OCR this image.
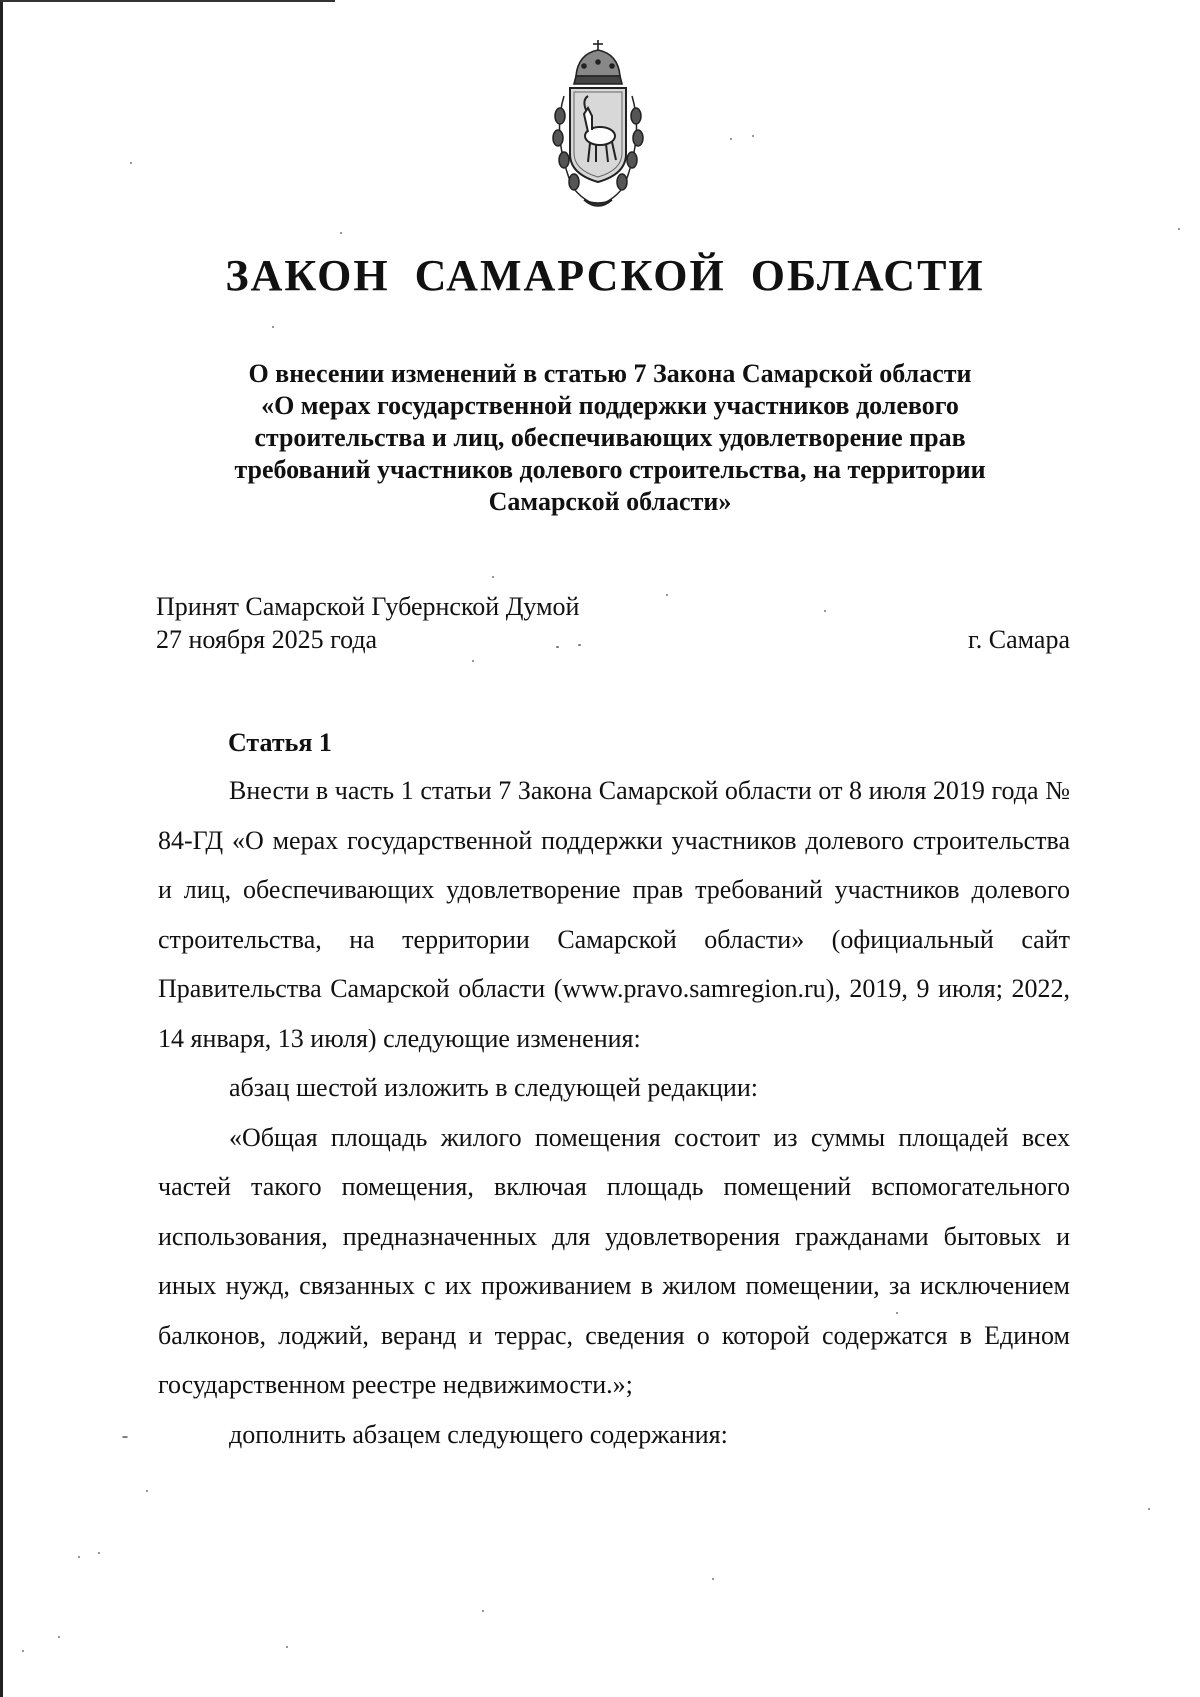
ЗАКОН САМАРСКОЙ ОБЛАСТИ
О внесении изменений в статью 7 Закона Самарской области
«О мерах государственной поддержки участников долевого
строительства и лиц, обеспечивающих удовлетворение прав
требований участников долевого строительства, на территории
Самарской области»
Принят Самарской Губернской Думой
27 ноября 2025 года	г. Самара
Статья 1

Внести в часть 1 статьи 7 Закона Самарской области от 8 июля 2019 года № 84-ГД «О мерах государственной поддержки участников долевого строительства и лиц, обеспечивающих удовлетворение прав требований участников долевого строительства, на территории Самарской области» (официальный сайт Правительства Самарской области (www.pravo.samregion.ru), 2019, 9 июля; 2022, 14 января, 13 июля) следующие изменения:

абзац шестой изложить в следующей редакции:

«Общая площадь жилого помещения состоит из суммы площадей всех частей такого помещения, включая площадь помещений вспомогательного использования, предназначенных для удовлетворения гражданами бытовых и иных нужд, связанных с их проживанием в жилом помещении, за исключением балконов, лоджий, веранд и террас, сведения о которой содержатся в Едином государственном реестре недвижимости.»;

дополнить абзацем следующего содержания:
